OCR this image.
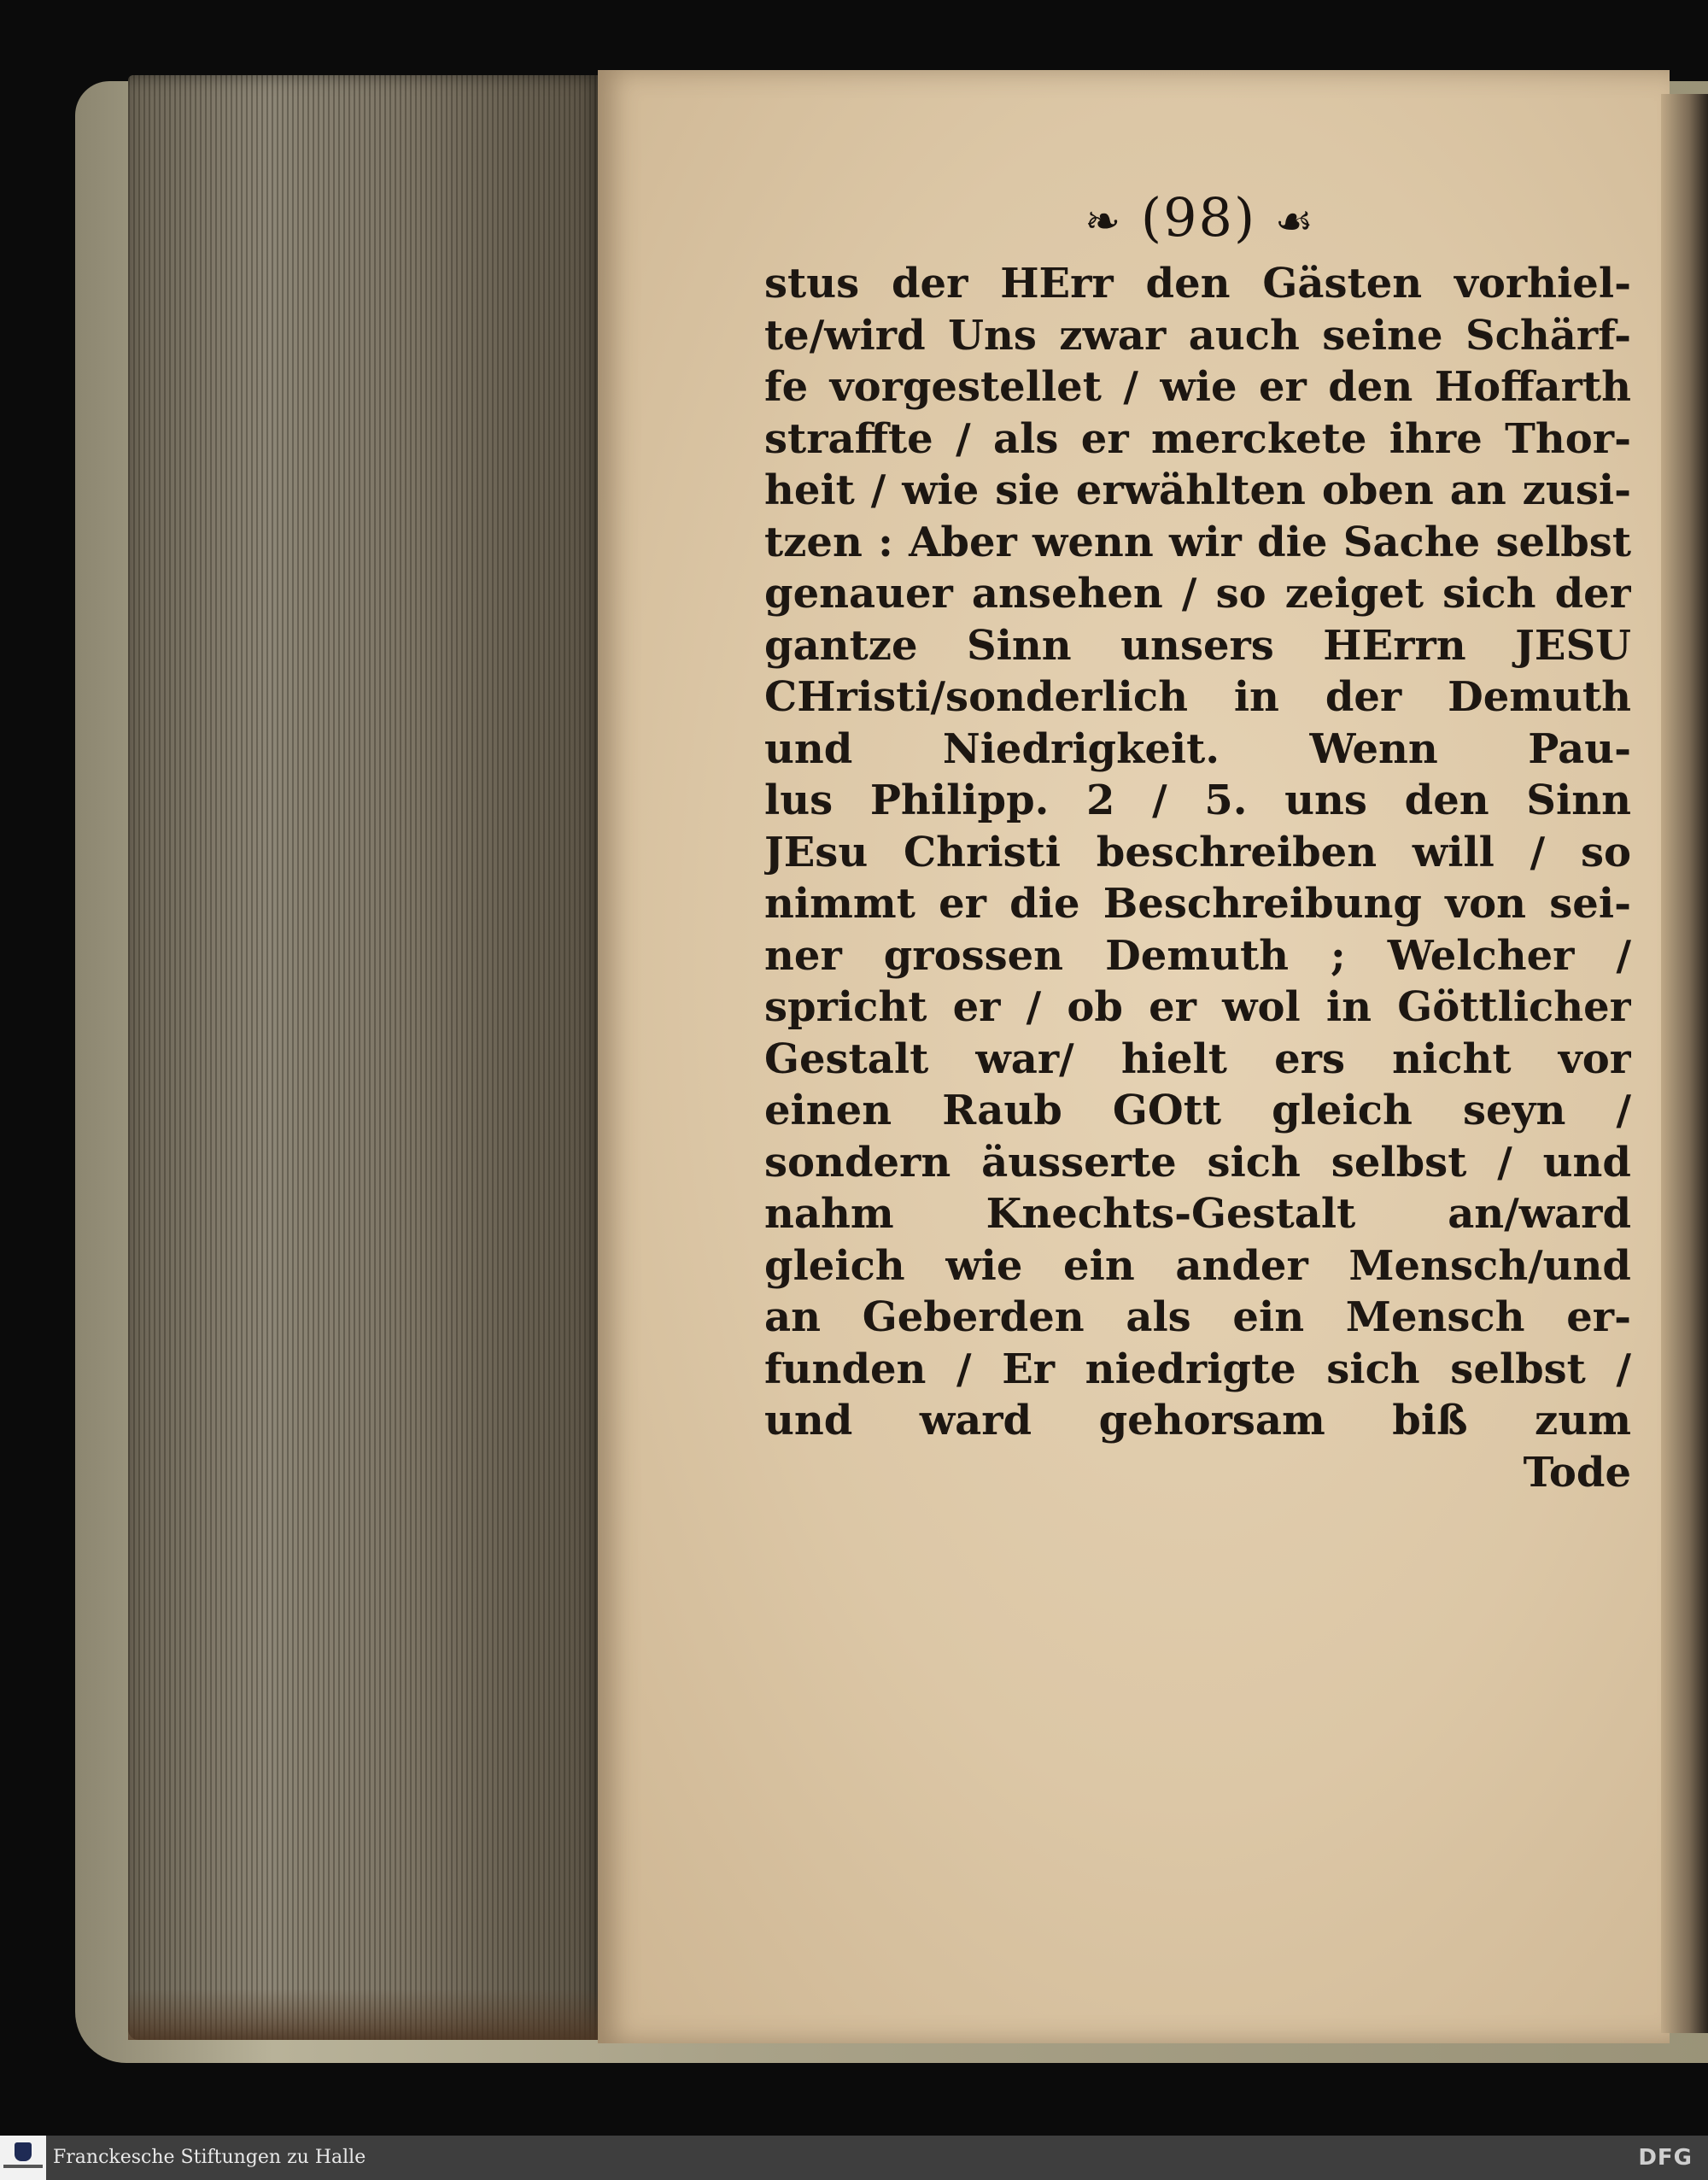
❧ (98) ☙
stus der HErr den Gästen vorhiel-
te/wird Uns zwar auch seine Schärf-
fe vorgestellet / wie er den Hoffarth
straffte / als er merckete ihre Thor-
heit / wie sie erwählten oben an zusi-
tzen : Aber wenn wir die Sache selbst
genauer ansehen / so zeiget sich der
gantze Sinn unsers HErrn JESU
CHristi/sonderlich in der Demuth
und Niedrigkeit. Wenn Pau-
lus Philipp. 2 / 5. uns den Sinn
JEsu Christi beschreiben will / so
nimmt er die Beschreibung von sei-
ner grossen Demuth ; Welcher /
spricht er / ob er wol in Göttlicher
Gestalt war/ hielt ers nicht vor
einen Raub GOtt gleich seyn /
sondern äusserte sich selbst / und
nahm Knechts-Gestalt an/ward
gleich wie ein ander Mensch/und
an Geberden als ein Mensch er-
funden / Er niedrigte sich selbst /
und ward gehorsam biß zum
Tode
Franckesche Stiftungen zu Halle	DFG
